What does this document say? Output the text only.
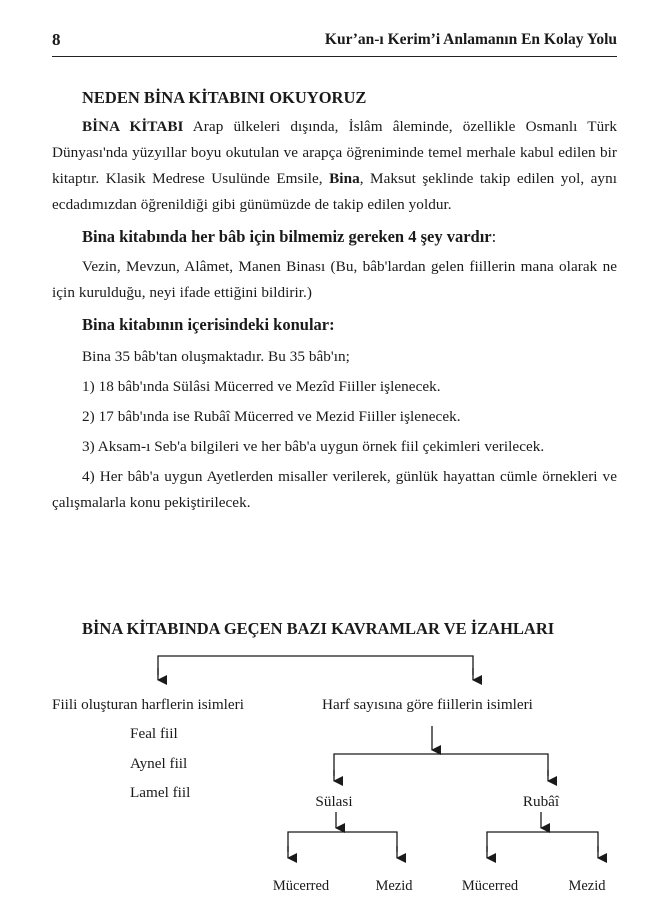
8	Kur’an-ı Kerim’i Anlamanın En Kolay Yolu
NEDEN BİNA KİTABINI OKUYORUZ

BİNA KİTABI Arap ülkeleri dışında, İslâm âleminde, özellikle Osmanlı Türk Dünyası'nda yüzyıllar boyu okutulan ve arapça öğreniminde temel merhale kabul edilen bir kitaptır. Klasik Medrese Usulünde Emsile, Bina, Maksut şeklinde takip edilen yol, aynı ecdadımızdan öğrenildiği gibi günümüzde de takip edilen yoldur.

Bina kitabında her bâb için bilmemiz gereken 4 şey vardır:

Vezin, Mevzun, Alâmet, Manen Binası (Bu, bâb'lardan gelen fiillerin mana olarak ne için kurulduğu, neyi ifade ettiğini bildirir.)

Bina kitabının içerisindeki konular:

Bina 35 bâb'tan oluşmaktadır. Bu 35 bâb'ın;

1) 18 bâb'ında Sülâsi Mücerred ve Mezîd Fiiller işlenecek.

2) 17 bâb'ında ise Rubâî Mücerred ve Mezid Fiiller işlenecek.

3) Aksam-ı Seb'a bilgileri ve her bâb'a uygun örnek fiil çekimleri verilecek.

4) Her bâb'a uygun Ayetlerden misaller verilerek, günlük hayattan cümle örnekleri ve çalışmalarla konu pekiştirilecek.

BİNA KİTABINDA GEÇEN BAZI KAVRAMLAR VE İZAHLARI
Fiili oluşturan harflerin isimleri	Harf sayısına göre fiillerin isimleri
Feal fiil
Aynel fiil
Lamel fiil
Sülasi	Rubâî
Mücerred	Mezid	Mücerred	Mezid
